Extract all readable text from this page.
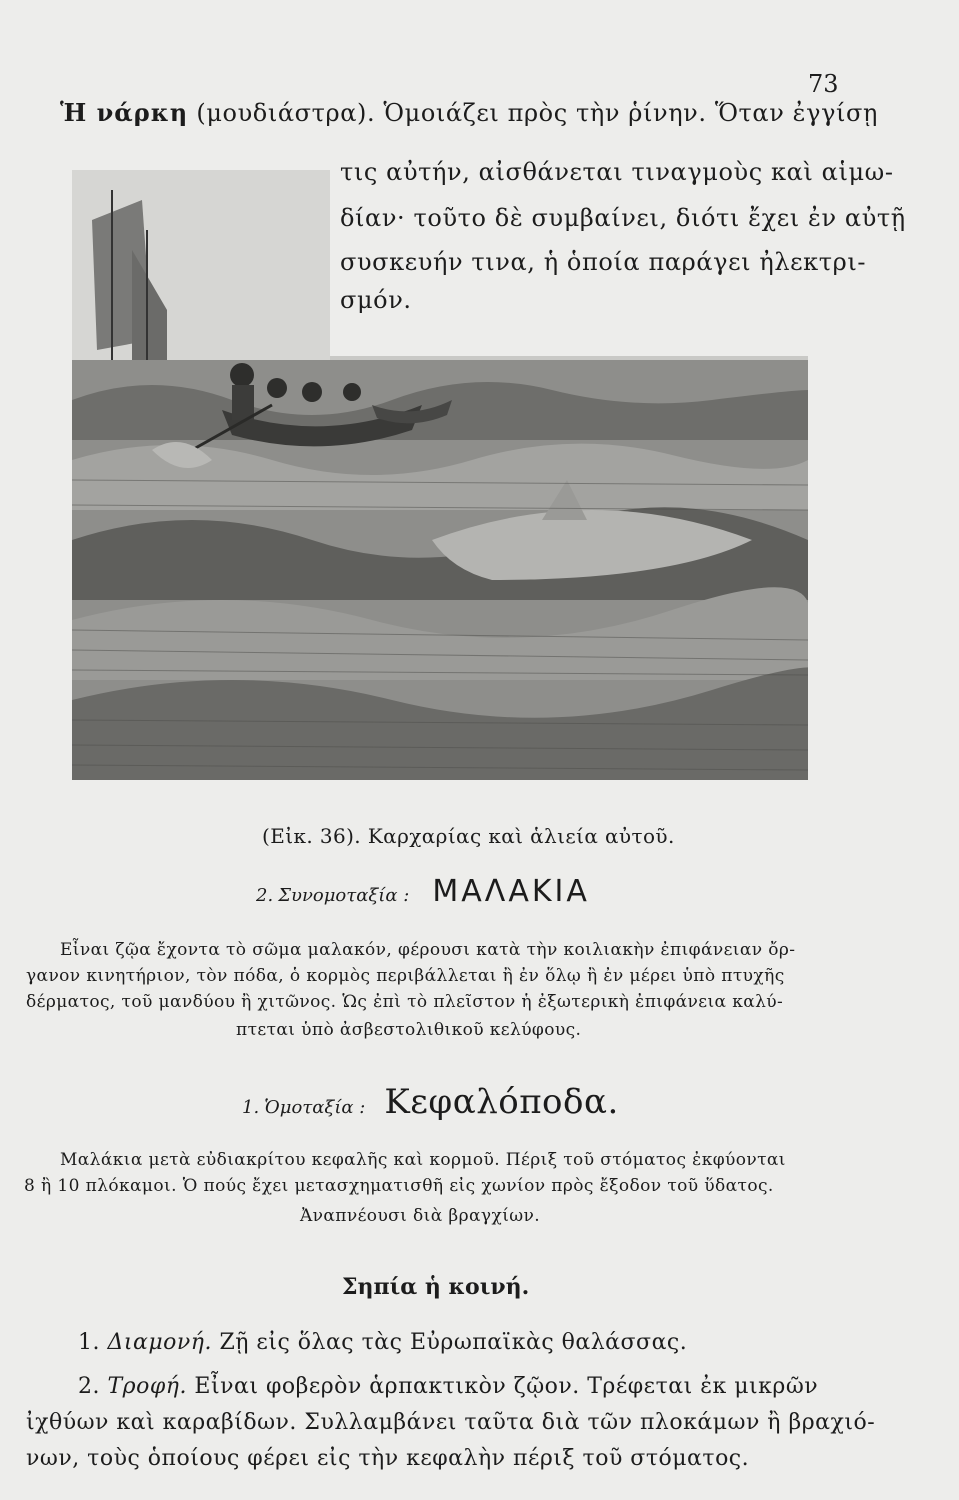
73
Ἡ νάρκη (μουδιάστρα). Ὁμοιάζει πρὸς τὴν ῥίνην. Ὅταν ἐγγίσῃ
τις αὐτήν, αἰσθάνεται τιναγμοὺς καὶ αἱμω-
δίαν· τοῦτο δὲ συμβαίνει, διότι ἔχει ἐν αὐτῇ
συσκευήν τινα, ἡ ὁποία παράγει ἠλεκτρι-
σμόν.
(Εἰκ. 36). Καρχαρίας καὶ ἁλιεία αὐτοῦ.
2. Συνομοταξία : ΜΑΛΑΚΙΑ
Εἶναι ζῷα ἔχοντα τὸ σῶμα μαλακόν, φέρουσι κατὰ τὴν κοιλιακὴν ἐπιφάνειαν ὄρ-
γανον κινητήριον, τὸν πόδα, ὁ κορμὸς περιβάλλεται ἢ ἐν ὅλῳ ἢ ἐν μέρει ὑπὸ πτυχῆς
δέρματος, τοῦ μανδύου ἢ χιτῶνος. Ὡς ἐπὶ τὸ πλεῖστον ἡ ἐξωτερικὴ ἐπιφάνεια καλύ-
πτεται ὑπὸ ἀσβεστολιθικοῦ κελύφους.
1. Ὁμοταξία : Κεφαλόποδα.
Μαλάκια μετὰ εὐδιακρίτου κεφαλῆς καὶ κορμοῦ. Πέριξ τοῦ στόματος ἐκφύονται
8 ἢ 10 πλόκαμοι. Ὁ πούς ἔχει μετασχηματισθῆ εἰς χωνίον πρὸς ἔξοδον τοῦ ὕδατος.
Ἀναπνέουσι διὰ βραγχίων.
Σηπία ἡ κοινή.
1. Διαμονή. Ζῇ εἰς ὅλας τὰς Εὐρωπαϊκὰς θαλάσσας.
2. Τροφή. Εἶναι φοβερὸν ἁρπακτικὸν ζῷον. Τρέφεται ἐκ μικρῶν
ἰχθύων καὶ καραβίδων. Συλλαμβάνει ταῦτα διὰ τῶν πλοκάμων ἢ βραχιό-
νων, τοὺς ὁποίους φέρει εἰς τὴν κεφαλὴν πέριξ τοῦ στόματος.
